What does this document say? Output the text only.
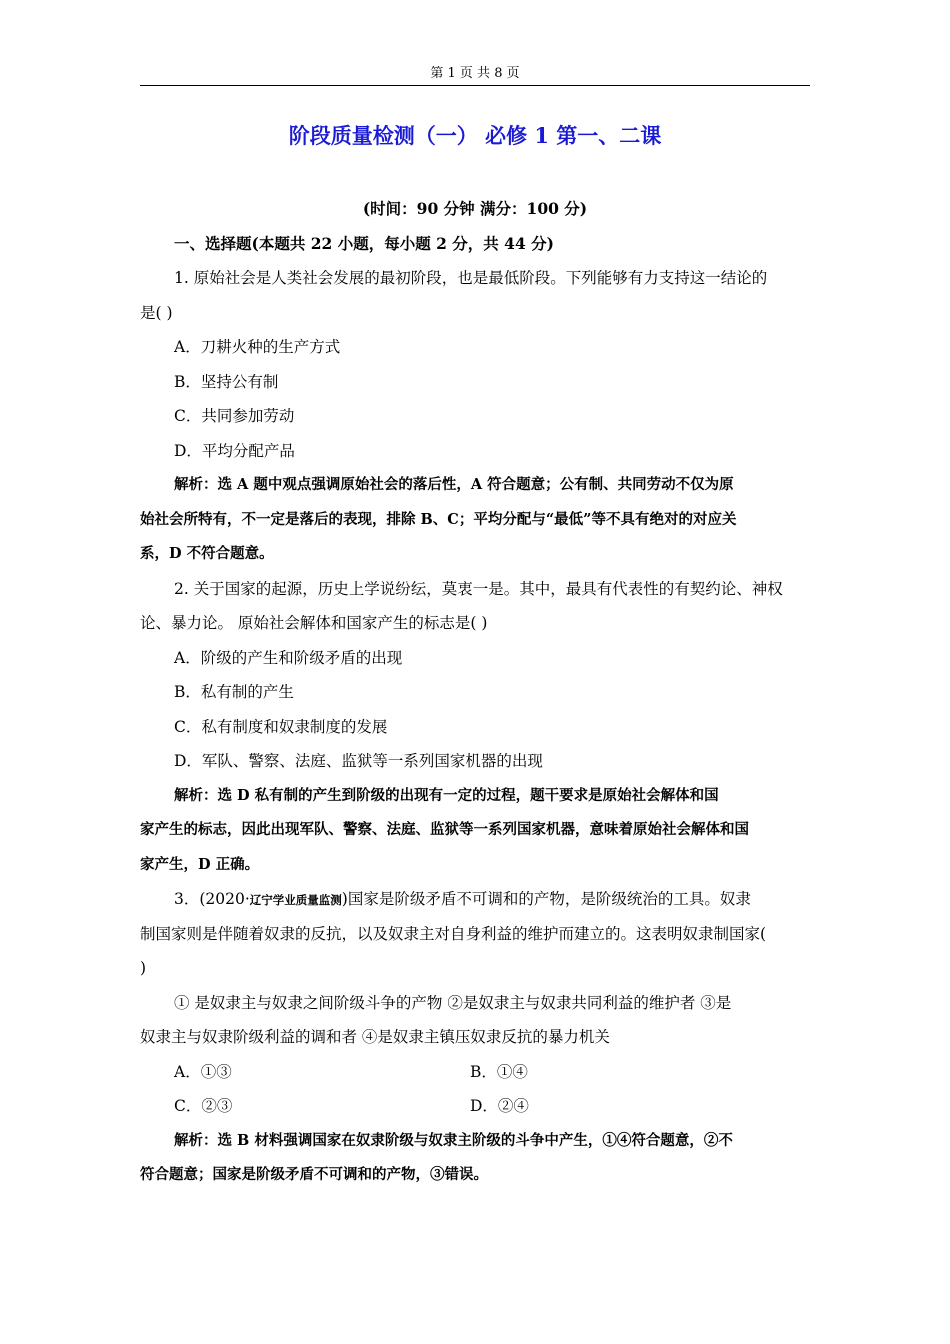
第 1 页 共 8 页
阶段质量检测（一） 必修 1 第一、二课
(时间：90 分钟 满分：100 分)
一、选择题(本题共 22 小题，每小题 2 分，共 44 分)
1. 原始社会是人类社会发展的最初阶段，也是最低阶段。下列能够有力支持这一结论的
是( )
A．刀耕火种的生产方式
B．坚持公有制
C．共同参加劳动
D．平均分配产品
解析：选 A 题中观点强调原始社会的落后性，A 符合题意；公有制、共同劳动不仅为原
始社会所特有，不一定是落后的表现，排除 B、C；平均分配与“最低”等不具有绝对的对应关
系，D 不符合题意。
2. 关于国家的起源，历史上学说纷纭，莫衷一是。其中，最具有代表性的有契约论、神权
论、暴力论。 原始社会解体和国家产生的标志是( )
A．阶级的产生和阶级矛盾的出现
B．私有制的产生
C．私有制度和奴隶制度的发展
D．军队、警察、法庭、监狱等一系列国家机器的出现
解析：选 D 私有制的产生到阶级的出现有一定的过程，题干要求是原始社会解体和国
家产生的标志，因此出现军队、警察、法庭、监狱等一系列国家机器，意味着原始社会解体和国
家产生，D 正确。
3．(2020·辽宁学业质量监测)国家是阶级矛盾不可调和的产物，是阶级统治的工具。奴隶
制国家则是伴随着奴隶的反抗，以及奴隶主对自身利益的维护而建立的。这表明奴隶制国家(
)
① 是奴隶主与奴隶之间阶级斗争的产物 ②是奴隶主与奴隶共同利益的维护者 ③是
奴隶主与奴隶阶级利益的调和者 ④是奴隶主镇压奴隶反抗的暴力机关
A．①③	B．①④
C．②③	D．②④
解析：选 B 材料强调国家在奴隶阶级与奴隶主阶级的斗争中产生，①④符合题意，②不
符合题意；国家是阶级矛盾不可调和的产物，③错误。
